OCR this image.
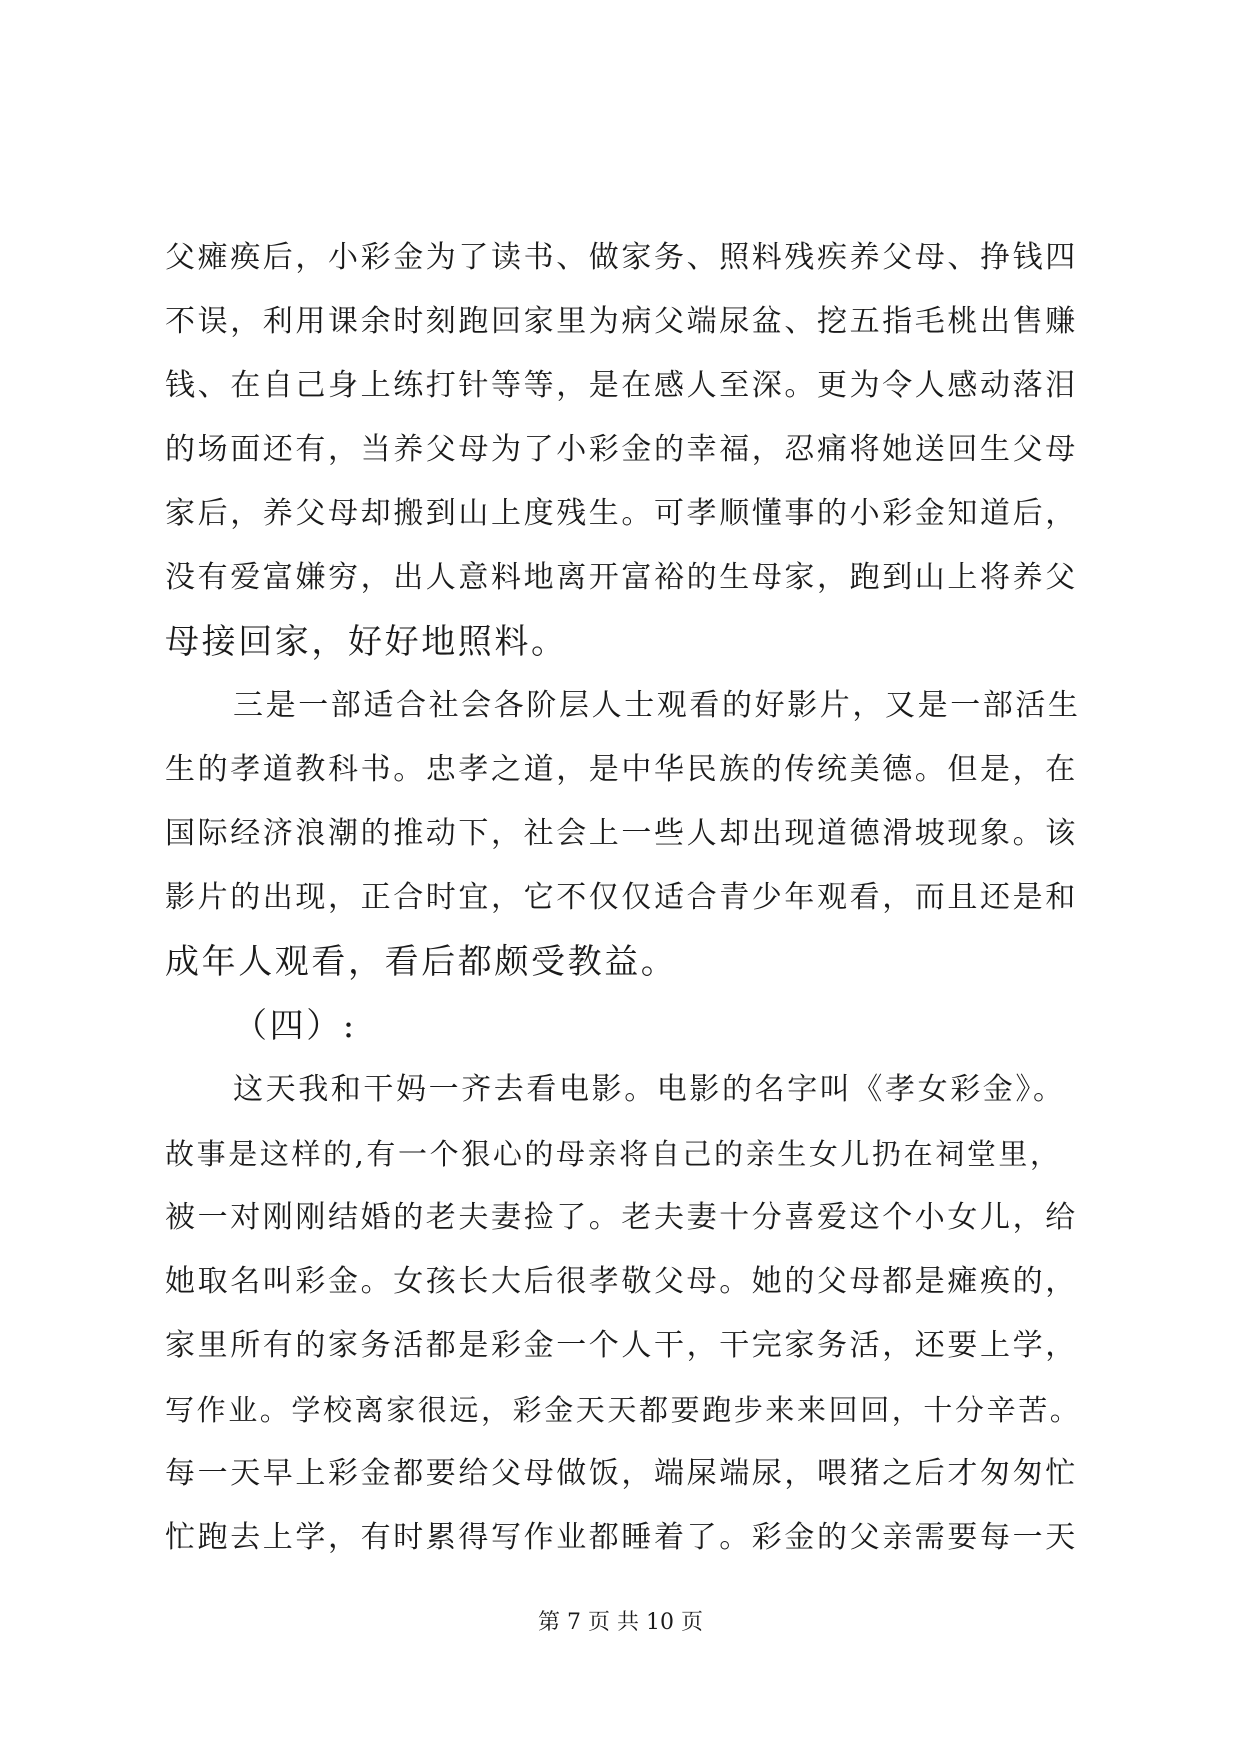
父瘫痪后，小彩金为了读书、做家务、照料残疾养父母、挣钱四
不误，利用课余时刻跑回家里为病父端尿盆、挖五指毛桃出售赚
钱、在自己身上练打针等等，是在感人至深。更为令人感动落泪
的场面还有，当养父母为了小彩金的幸福，忍痛将她送回生父母
家后，养父母却搬到山上度残生。可孝顺懂事的小彩金知道后，
没有爱富嫌穷，出人意料地离开富裕的生母家，跑到山上将养父
母接回家，好好地照料。
三是一部适合社会各阶层人士观看的好影片，又是一部活生
生的孝道教科书。忠孝之道，是中华民族的传统美德。但是，在
国际经济浪潮的推动下，社会上一些人却出现道德滑坡现象。该
影片的出现，正合时宜，它不仅仅适合青少年观看，而且还是和
成年人观看，看后都颇受教益。
（四）:
这天我和干妈一齐去看电影。电影的名字叫《孝女彩金》。
故事是这样的,有一个狠心的母亲将自己的亲生女儿扔在祠堂里，
被一对刚刚结婚的老夫妻捡了。老夫妻十分喜爱这个小女儿，给
她取名叫彩金。女孩长大后很孝敬父母。她的父母都是瘫痪的，
家里所有的家务活都是彩金一个人干，干完家务活，还要上学，
写作业。学校离家很远，彩金天天都要跑步来来回回，十分辛苦。
每一天早上彩金都要给父母做饭，端屎端尿，喂猪之后才匆匆忙
忙跑去上学，有时累得写作业都睡着了。彩金的父亲需要每一天
第 7 页 共 10 页
